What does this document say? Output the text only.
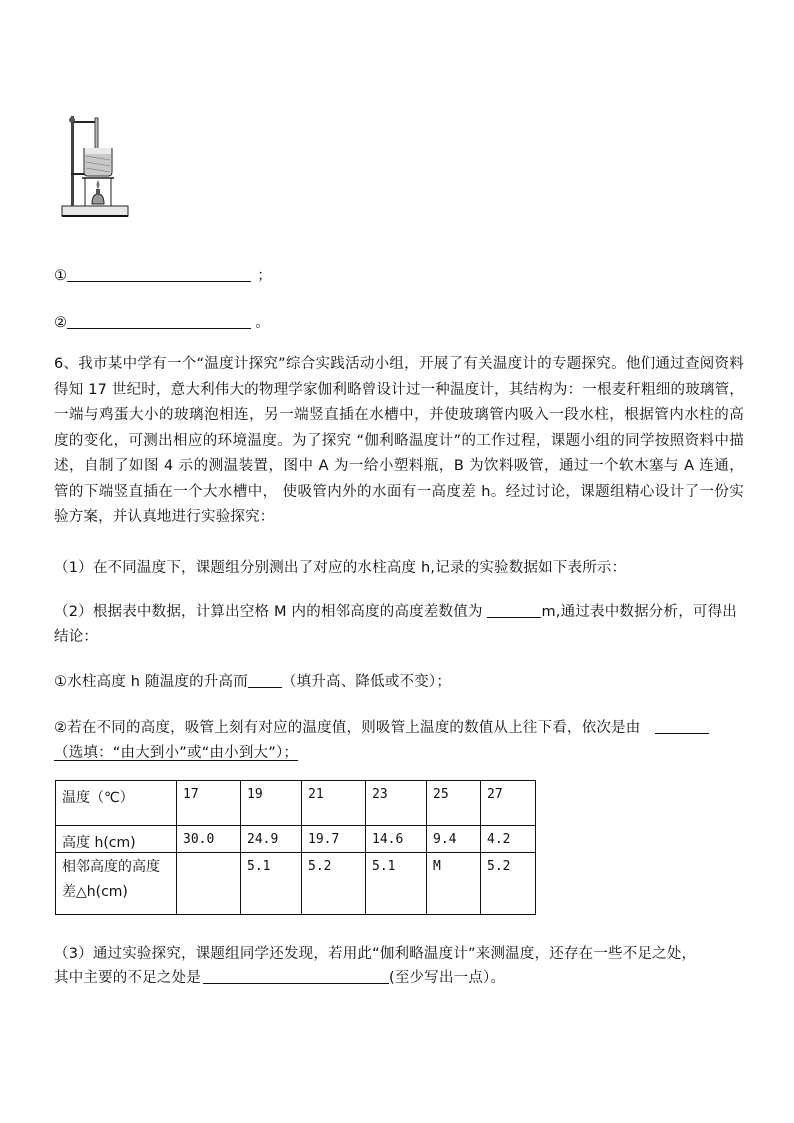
①	；
②	。
6、我市某中学有一个“温度计探究”综合实践活动小组，开展了有关温度计的专题探究。他们通过查阅资料得知 17 世纪时，意大利伟大的物理学家伽利略曾设计过一种温度计，其结构为：一根麦秆粗细的玻璃管，一端与鸡蛋大小的玻璃泡相连，另一端竖直插在水槽中，并使玻璃管内吸入一段水柱，根据管内水柱的高度的变化，可测出相应的环境温度。为了探究 “伽利略温度计”的工作过程，课题小组的同学按照资料中描述，自制了如图 4 示的测温装置，图中 A 为一给小塑料瓶，B 为饮料吸管，通过一个软木塞与 A 连通，管的下端竖直插在一个大水槽中， 使吸管内外的水面有一高度差 h。经过讨论，课题组精心设计了一份实验方案，并认真地进行实验探究：
（1）在不同温度下，课题组分别测出了对应的水柱高度 h,记录的实验数据如下表所示：
（2）根据表中数据，计算出空格 M 内的相邻高度的高度差数值为	m,通过表中数据分析，可得出
结论：
①水柱高度 h 随温度的升高而 （填升高、降低或不变）；
②若在不同的高度，吸管上刻有对应的温度值，则吸管上温度的数值从上往下看，依次是由
（选填：“由大到小”或“由小到大”）；
温度（℃）	17	19	21	23	25	27
高度 h(cm)	30.0	24.9	19.7	14.6	9.4	4.2
相邻高度的高度差△h(cm)		5.1	5.2	5.1	M	5.2
（3）通过实验探究，课题组同学还发现，若用此“伽利略温度计”来测温度，还存在一些不足之处，
其中主要的不足之处是	(至少写出一点）。
